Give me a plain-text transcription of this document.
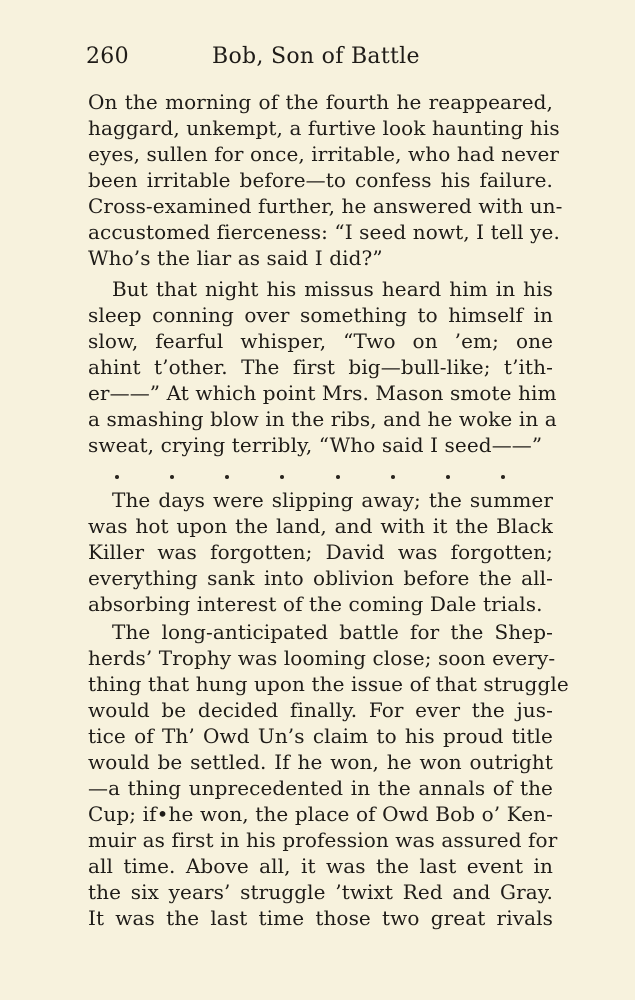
260	Bob, Son of Battle
On the morning of the fourth he reappeared,
haggard, unkempt, a furtive look haunting his
eyes, sullen for once, irritable, who had never
been irritable before—to confess his failure.
Cross-examined further, he answered with un-
accustomed fierceness: “I seed nowt, I tell ye.
Who’s the liar as said I did?”
But that night his missus heard him in his
sleep conning over something to himself in
slow, fearful whisper, “Two on ’em; one
ahint t’other. The first big—bull-like; t’ith-
er——” At which point Mrs. Mason smote him
a smashing blow in the ribs, and he woke in a
sweat, crying terribly, “Who said I seed——”
The days were slipping away; the summer
was hot upon the land, and with it the Black
Killer was forgotten; David was forgotten;
everything sank into oblivion before the all-
absorbing interest of the coming Dale trials.
The long-anticipated battle for the Shep-
herds’ Trophy was looming close; soon every-
thing that hung upon the issue of that struggle
would be decided finally. For ever the jus-
tice of Th’ Owd Un’s claim to his proud title
would be settled. If he won, he won outright
—a thing unprecedented in the annals of the
Cup; if•he won, the place of Owd Bob o’ Ken-
muir as first in his profession was assured for
all time. Above all, it was the last event in
the six years’ struggle ’twixt Red and Gray.
It was the last time those two great rivals
